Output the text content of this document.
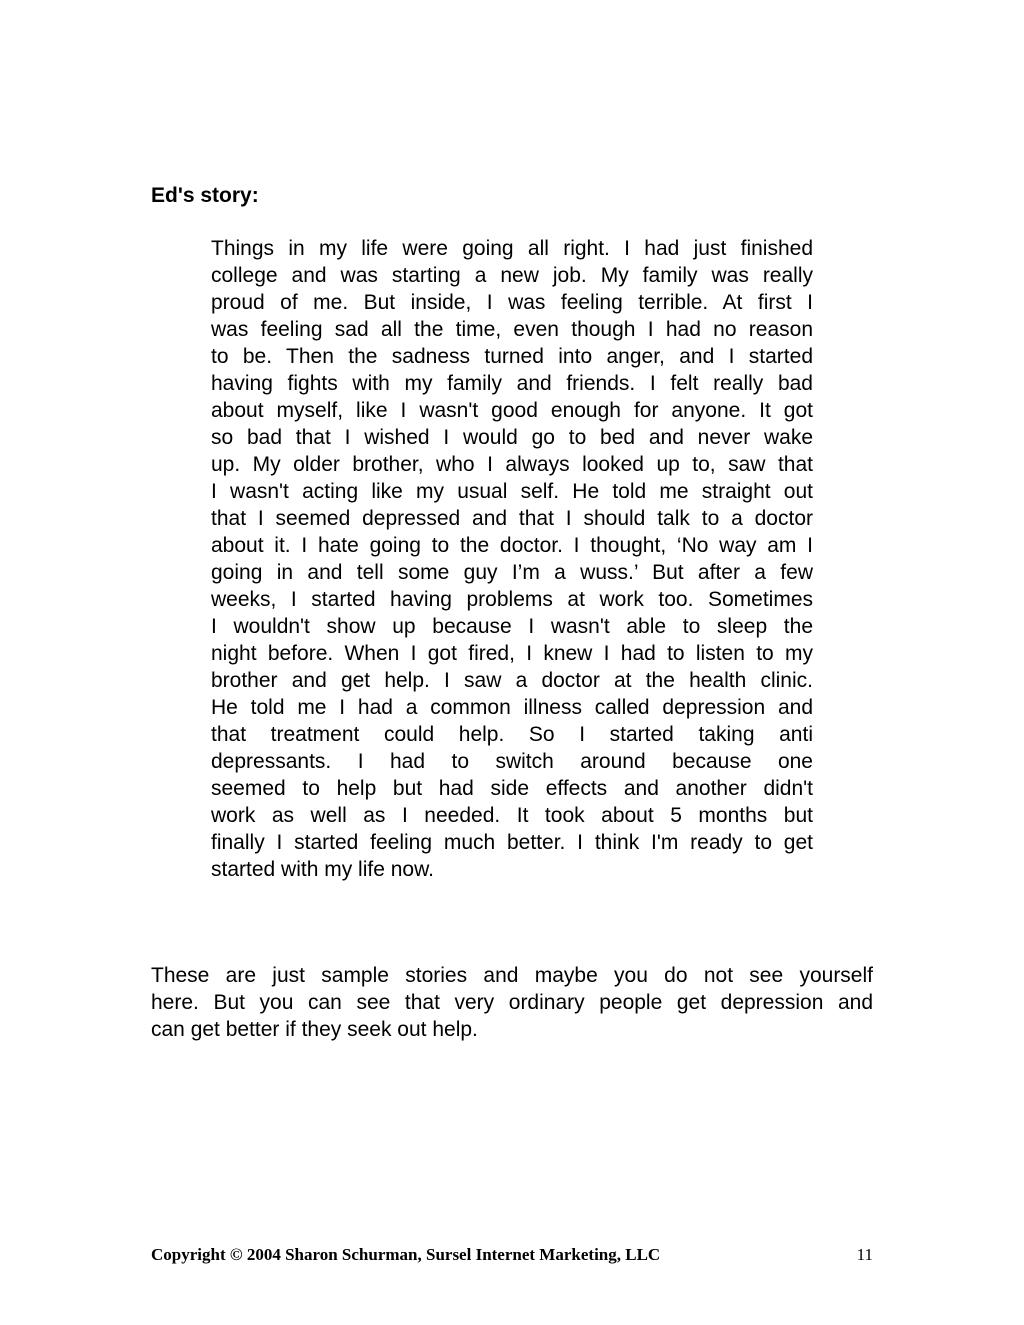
Ed's story:
Things in my life were going all right. I had just finished
college and was starting a new job. My family was really
proud of me. But inside, I was feeling terrible. At first I
was feeling sad all the time, even though I had no reason
to be. Then the sadness turned into anger, and I started
having fights with my family and friends. I felt really bad
about myself, like I wasn't good enough for anyone. It got
so bad that I wished I would go to bed and never wake
up. My older brother, who I always looked up to, saw that
I wasn't acting like my usual self. He told me straight out
that I seemed depressed and that I should talk to a doctor
about it. I hate going to the doctor. I thought, ‘No way am I
going in and tell some guy I’m a wuss.’ But after a few
weeks, I started having problems at work too. Sometimes
I wouldn't show up because I wasn't able to sleep the
night before. When I got fired, I knew I had to listen to my
brother and get help. I saw a doctor at the health clinic.
He told me I had a common illness called depression and
that treatment could help. So I started taking anti
depressants. I had to switch around because one
seemed to help but had side effects and another didn't
work as well as I needed. It took about 5 months but
finally I started feeling much better. I think I'm ready to get
started with my life now.
These are just sample stories and maybe you do not see yourself
here. But you can see that very ordinary people get depression and
can get better if they seek out help.
Copyright © 2004 Sharon Schurman, Sursel Internet Marketing, LLC	11
